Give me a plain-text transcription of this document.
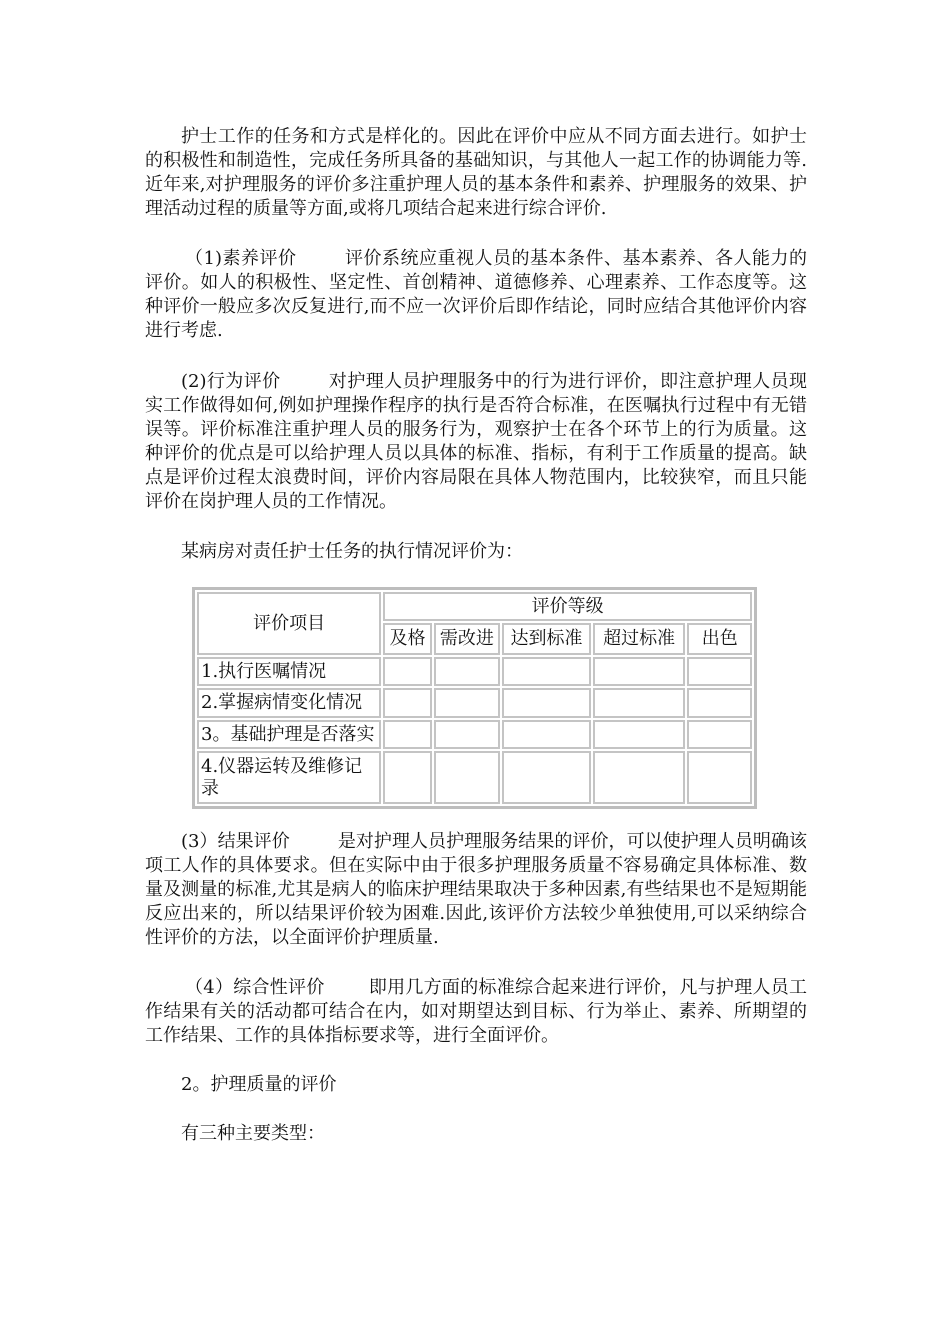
护士工作的任务和方式是样化的。因此在评价中应从不同方面去进行。如护士的积极性和制造性，完成任务所具备的基础知识，与其他人一起工作的协调能力等.近年来,对护理服务的评价多注重护理人员的基本条件和素养、护理服务的效果、护理活动过程的质量等方面,或将几项结合起来进行综合评价.

（1)素养评价	评价系统应重视人员的基本条件、基本素养、各人能力的评价。如人的积极性、坚定性、首创精神、道德修养、心理素养、工作态度等。这种评价一般应多次反复进行,而不应一次评价后即作结论，同时应结合其他评价内容进行考虑.

(2)行为评价	对护理人员护理服务中的行为进行评价，即注意护理人员现实工作做得如何,例如护理操作程序的执行是否符合标准，在医嘱执行过程中有无错误等。评价标准注重护理人员的服务行为，观察护士在各个环节上的行为质量。这种评价的优点是可以给护理人员以具体的标准、指标，有利于工作质量的提高。缺点是评价过程太浪费时间，评价内容局限在具体人物范围内，比较狭窄，而且只能评价在岗护理人员的工作情况。

某病房对责任护士任务的执行情况评价为：

评价项目	评价等级				
	及格	需改进	达到标准	超过标准	出色
1.执行医嘱情况					
2.掌握病情变化情况					
3。基础护理是否落实					
4.仪器运转及维修记录					

(3）结果评价	是对护理人员护理服务结果的评价，可以使护理人员明确该项工人作的具体要求。但在实际中由于很多护理服务质量不容易确定具体标准、数量及测量的标准,尤其是病人的临床护理结果取决于多种因素,有些结果也不是短期能反应出来的，所以结果评价较为困难.因此,该评价方法较少单独使用,可以采纳综合性评价的方法，以全面评价护理质量.

（4）综合性评价 即用几方面的标准综合起来进行评价，凡与护理人员工作结果有关的活动都可结合在内，如对期望达到目标、行为举止、素养、所期望的工作结果、工作的具体指标要求等，进行全面评价。

2。护理质量的评价

有三种主要类型：
